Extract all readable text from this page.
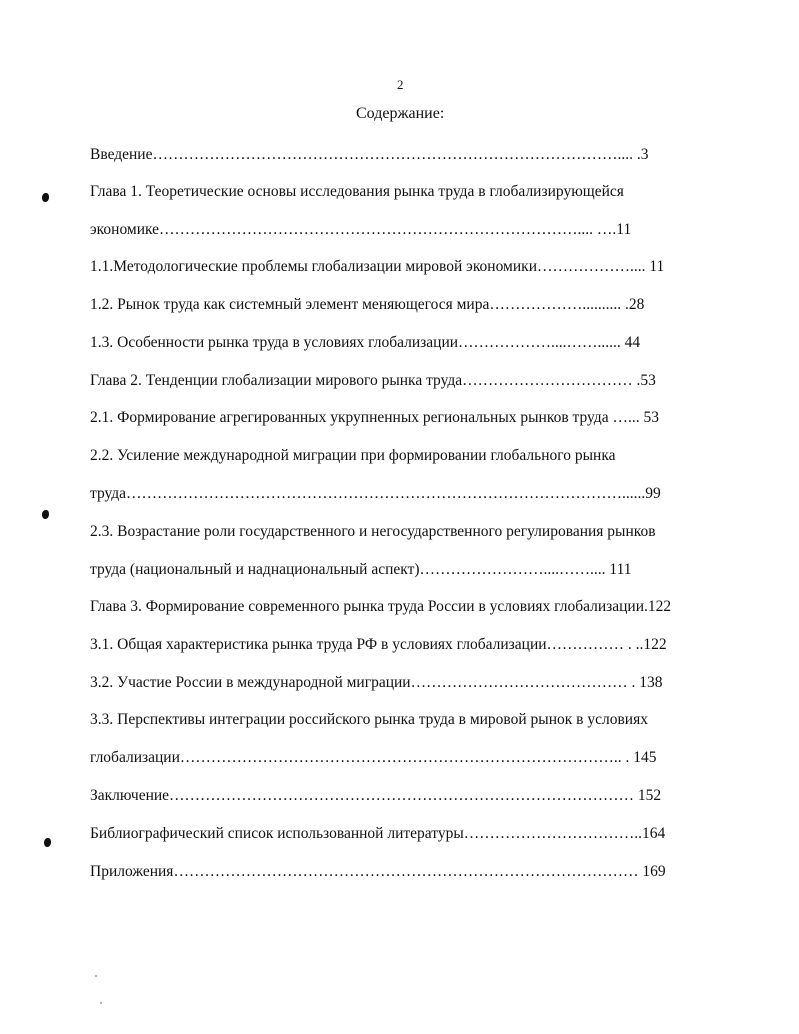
2
Содержание:
Введение……………………………………………………………………………….... .3
Глава 1. Теоретические основы исследования рынка труда в глобализирующейся
экономике……………………………………………………………………….... ….11
1.1.Методологические проблемы глобализации мировой экономики……………….... 11
1.2. Рынок труда как системный элемент меняющегося мира……………….......... .28
1.3. Особенности рынка труда в условиях глобализации………………....……...... 44
Глава 2. Тенденции глобализации мирового рынка труда…………………………… .53
2.1. Формирование агрегированных укрупненных региональных рынков труда …... 53
2.2. Усиление международной миграции при формировании глобального рынка
труда……………………………………………………………………………………......99
2.3. Возрастание роли государственного и негосударственного регулирования рынков
труда (национальный и наднациональный аспект)……………………....…….... 111
Глава 3. Формирование современного рынка труда России в условиях глобализации.122
3.1. Общая характеристика рынка труда РФ в условиях глобализации…………… . ..122
3.2. Участие России в международной миграции…………………………………… . 138
3.3. Перспективы интеграции российского рынка труда в мировой рынок в условиях
глобализации………………………………………………………………………….. . 145
Заключение……………………………………………………………………………… 152
Библиографический список использованной литературы……………………………..164
Приложения……………………………………………………………………………… 169
